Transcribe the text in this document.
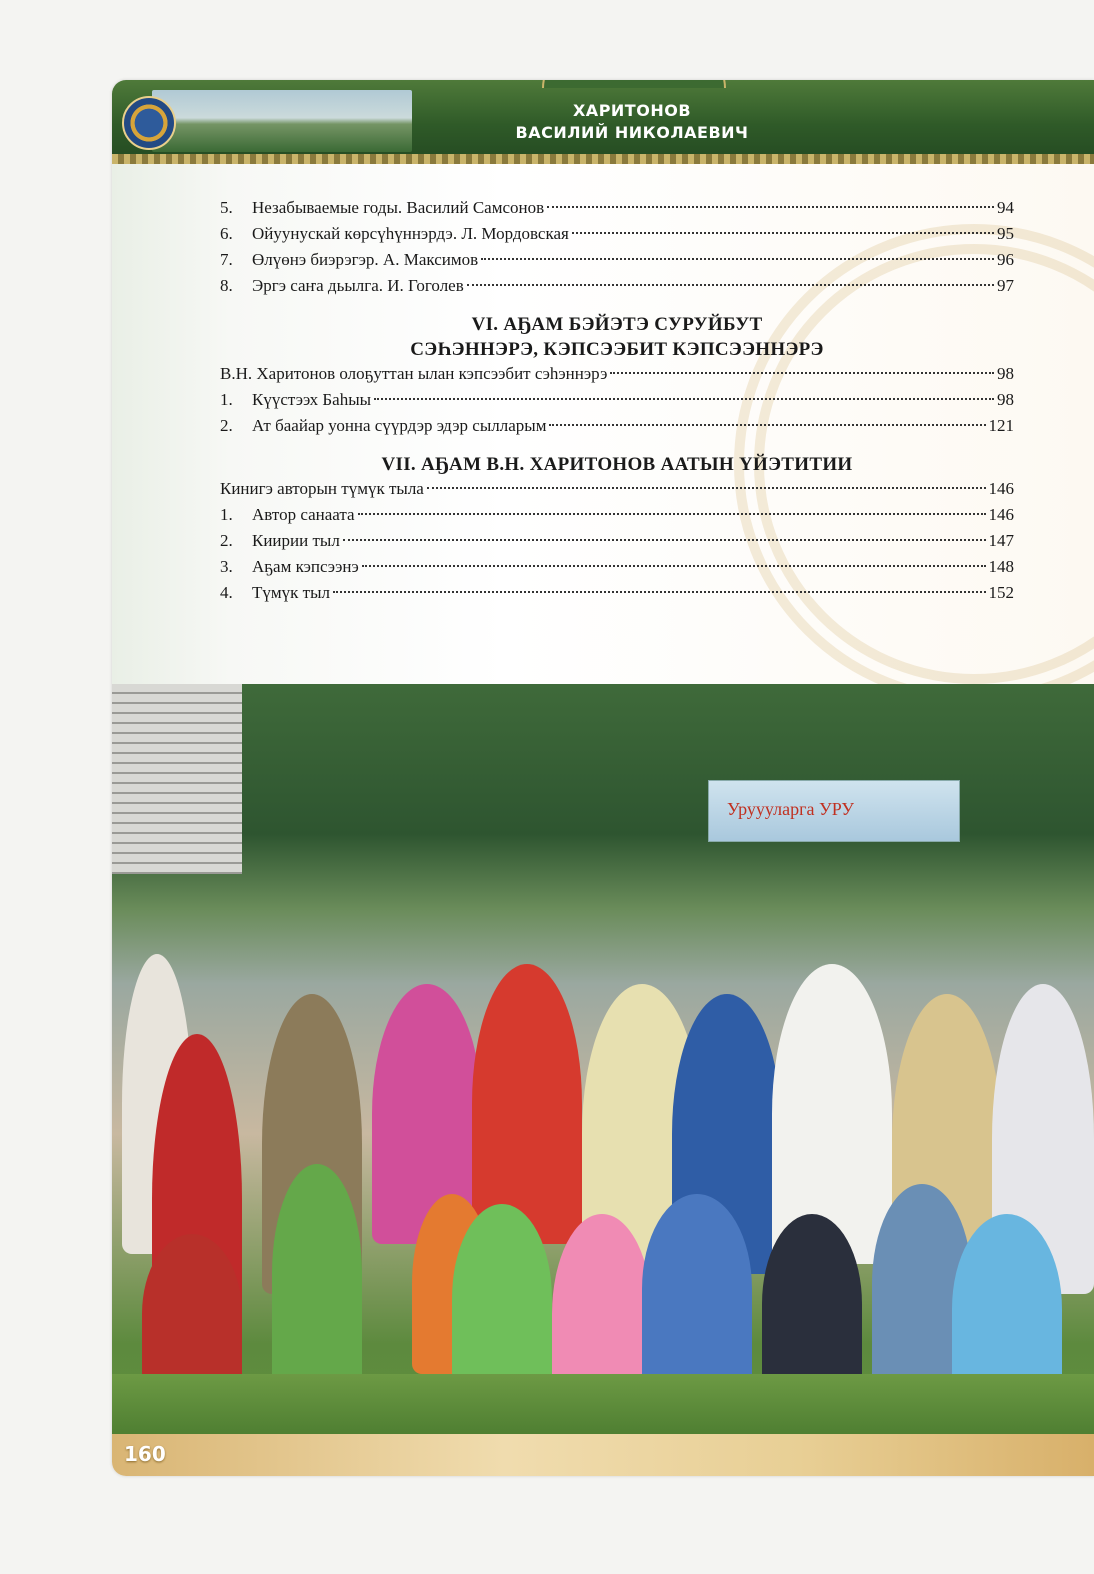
ХАРИТОНОВ
ВАСИЛИЙ НИКОЛАЕВИЧ
5.	Незабываемые годы. Василий Самсонов	94
6.	Ойуунускай көрсүһүннэрдэ. Л. Мордовская	95
7.	Өлүөнэ биэрэгэр. А. Максимов	96
8.	Эргэ саҥа дьылга. И. Гоголев	97
VI. АҔАМ БЭЙЭТЭ СУРУЙБУТ
СЭҺЭННЭРЭ, КЭПСЭЭБИТ КЭПСЭЭННЭРЭ
В.Н. Харитонов олоҕуттан ылан кэпсээбит сэһэннэрэ	98
1.	Күүстээх Баһыы	98
2.	Ат баайар уонна сүүрдэр эдэр сылларым	121
VII. АҔАМ В.Н. ХАРИТОНОВ ААТЫН ҮЙЭТИТИИ
Кинигэ авторын түмүк тыла	146
1.	Автор санаата	146
2.	Киирии тыл	147
3.	Аҕам кэпсээнэ	148
4.	Түмүк тыл	152
Уруууларга УРУ
160
